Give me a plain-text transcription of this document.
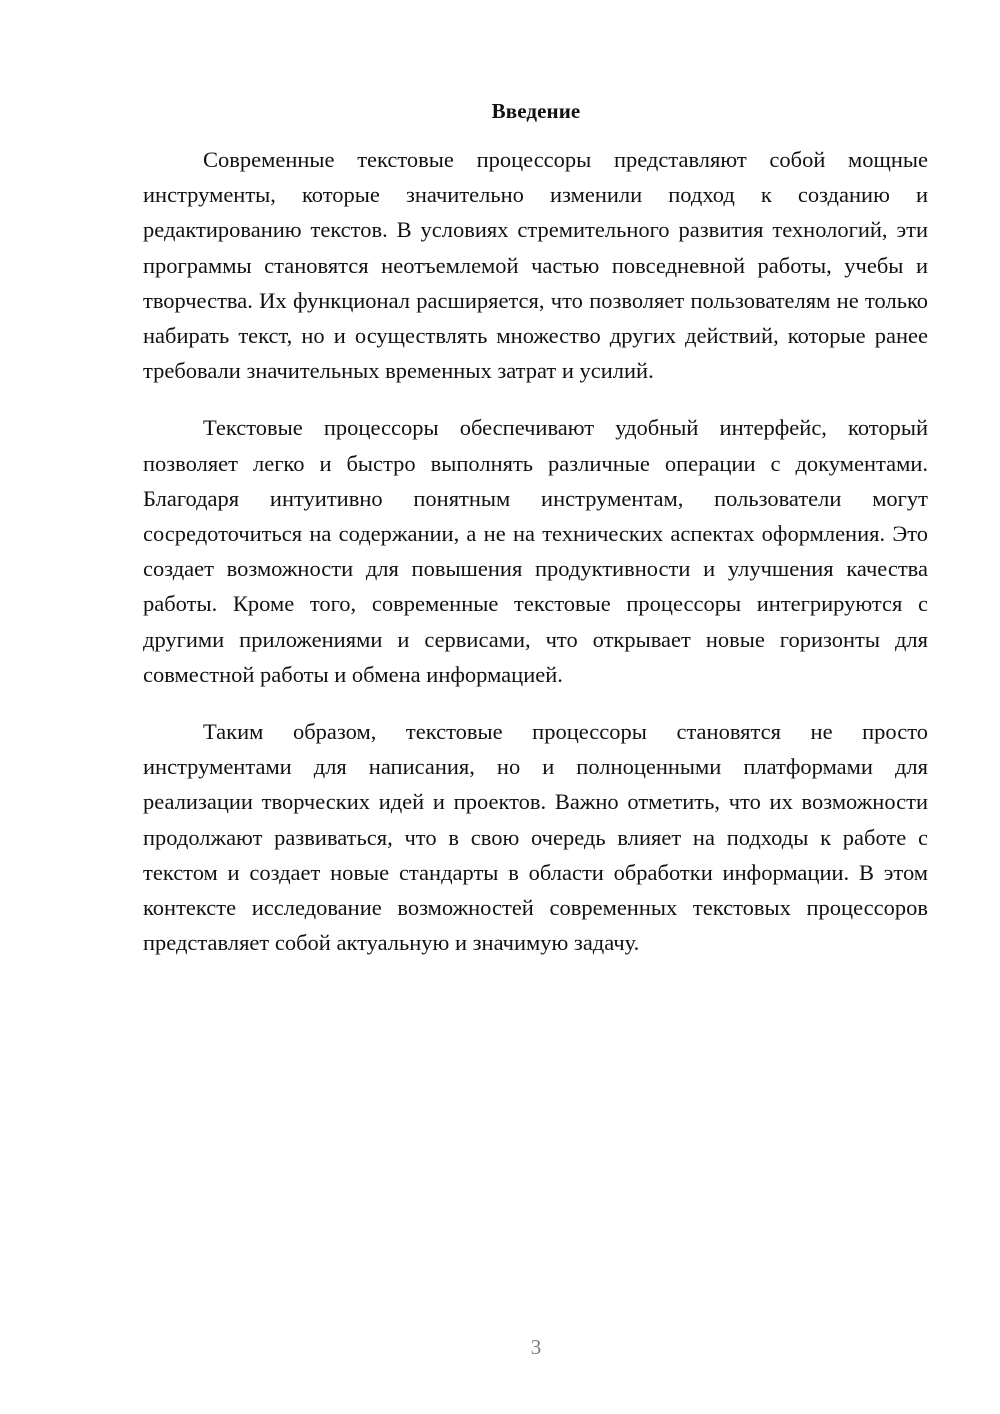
Введение

Современные текстовые процессоры представляют собой мощные инструменты, которые значительно изменили подход к созданию и редактированию текстов. В условиях стремительного развития технологий, эти программы становятся неотъемлемой частью повседневной работы, учебы и творчества. Их функционал расширяется, что позволяет пользователям не только набирать текст, но и осуществлять множество других действий, которые ранее требовали значительных временных затрат и усилий.

Текстовые процессоры обеспечивают удобный интерфейс, который позволяет легко и быстро выполнять различные операции с документами. Благодаря интуитивно понятным инструментам, пользователи могут сосредоточиться на содержании, а не на технических аспектах оформления. Это создает возможности для повышения продуктивности и улучшения качества работы. Кроме того, современные текстовые процессоры интегрируются с другими приложениями и сервисами, что открывает новые горизонты для совместной работы и обмена информацией.

Таким образом, текстовые процессоры становятся не просто инструментами для написания, но и полноценными платформами для реализации творческих идей и проектов. Важно отметить, что их возможности продолжают развиваться, что в свою очередь влияет на подходы к работе с текстом и создает новые стандарты в области обработки информации. В этом контексте исследование возможностей современных текстовых процессоров представляет собой актуальную и значимую задачу.

3
